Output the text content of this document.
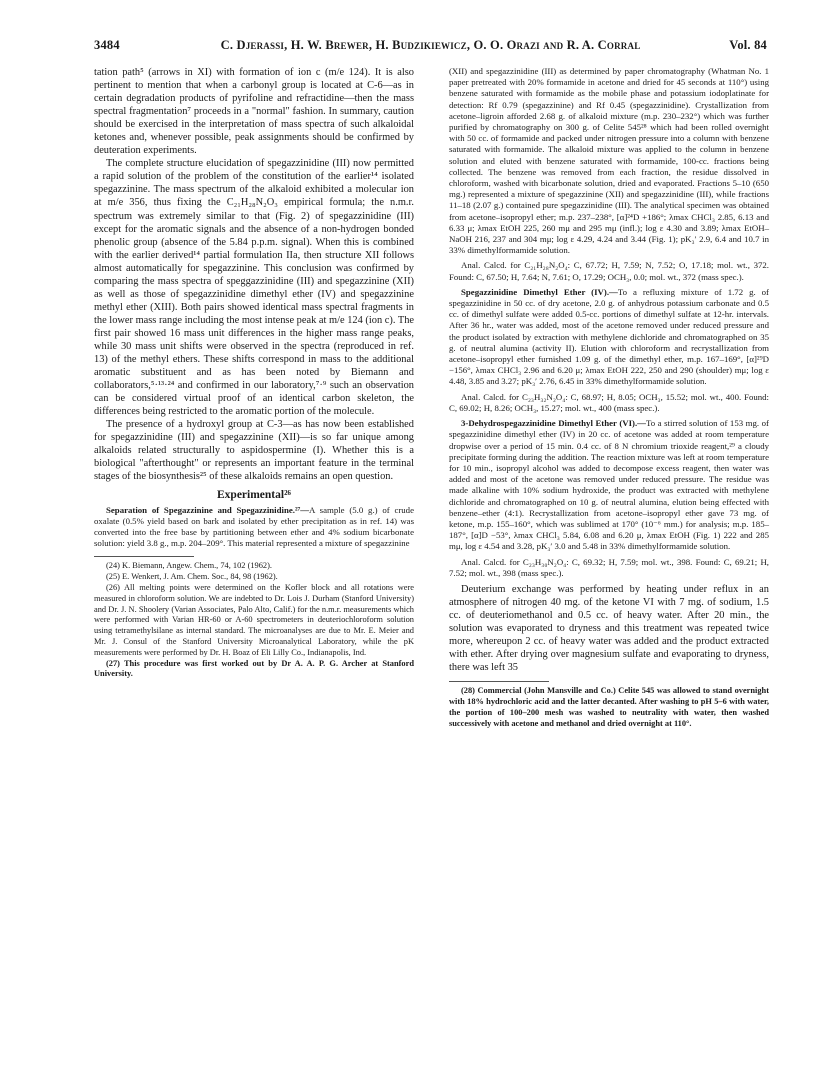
3484	C. Djerassi, H. W. Brewer, H. Budzikiewicz, O. O. Orazi and R. A. Corral	Vol. 84

tation path⁵ (arrows in XI) with formation of ion c (m/e 124). It is also pertinent to mention that when a carbonyl group is located at C-6—as in certain degradation products of pyrifoline and refractidine—then the mass spectral fragmentation⁷ proceeds in a "normal" fashion. In summary, caution should be exercised in the interpretation of mass spectra of such alkaloidal ketones and, whenever possible, peak assignments should be confirmed by deuteration experiments.

The complete structure elucidation of spegazzinidine (III) now permitted a rapid solution of the problem of the constitution of the earlier¹⁴ isolated spegazzinine. The mass spectrum of the alkaloid exhibited a molecular ion at m/e 356, thus fixing the C₂₁H₂₈N₂O₃ empirical formula; the n.m.r. spectrum was extremely similar to that (Fig. 2) of spegazzinidine (III) except for the aromatic signals and the absence of a non-hydrogen bonded phenolic group (absence of the 5.84 p.p.m. signal). When this is combined with the earlier derived¹⁴ partial formulation IIa, then structure XII follows almost automatically for spegazzinine. This conclusion was confirmed by comparing the mass spectra of speggazzinidine (III) and spegazzinine (XII) as well as those of spegazzinidine dimethyl ether (IV) and spegazzinine methyl ether (XIII). Both pairs showed identical mass spectral fragments in the lower mass range including the most intense peak at m/e 124 (ion c). The first pair showed 16 mass unit differences in the higher mass range peaks, while 30 mass unit shifts were observed in the spectra (reproduced in ref. 13) of the methyl ethers. These shifts correspond in mass to the additional aromatic substituent and as has been noted by Biemann and collaborators,⁵·¹³·²⁴ and confirmed in our laboratory,⁷·⁹ such an observation can be considered virtual proof of an identical carbon skeleton, the differences being restricted to the aromatic portion of the molecule.

The presence of a hydroxyl group at C-3—as has now been established for spegazzinidine (III) and spegazzinine (XII)—is so far unique among alkaloids related structurally to aspidospermine (I). Whether this is a biological "afterthought" or represents an important feature in the terminal stages of the biosynthesis²⁵ of these alkaloids remains an open question.

Experimental²⁶

Separation of Spegazzinine and Spegazzinidine.²⁷—A sample (5.0 g.) of crude oxalate (0.5% yield based on bark and isolated by ether precipitation as in ref. 14) was converted into the free base by partitioning between ether and 4% sodium bicarbonate solution: yield 3.8 g., m.p. 204–209°. This material represented a mixture of spegazzinine

(24) K. Biemann, Angew. Chem., 74, 102 (1962).

(25) E. Wenkert, J. Am. Chem. Soc., 84, 98 (1962).

(26) All melting points were determined on the Kofler block and all rotations were measured in chloroform solution. We are indebted to Dr. Lois J. Durham (Stanford University) and Dr. J. N. Shoolery (Varian Associates, Palo Alto, Calif.) for the n.m.r. measurements which were performed with Varian HR-60 or A-60 spectrometers in deuteriochloroform solution using tetramethylsilane as internal standard. The microanalyses are due to Mr. E. Meier and Mr. J. Consul of the Stanford University Microanalytical Laboratory, while the pK measurements were performed by Dr. H. Boaz of Eli Lilly Co., Indianapolis, Ind.

(27) This procedure was first worked out by Dr A. A. P. G. Archer at Stanford University.

(XII) and spegazzinidine (III) as determined by paper chromatography (Whatman No. 1 paper pretreated with 20% formamide in acetone and dried for 45 seconds at 110°) using benzene saturated with formamide as the mobile phase and potassium iodoplatinate for detection: Rf 0.79 (spegazzinine) and Rf 0.45 (spegazzinidine). Crystallization from acetone–ligroin afforded 2.68 g. of alkaloid mixture (m.p. 230–232°) which was further purified by chromatography on 300 g. of Celite 545²⁸ which had been rolled overnight with 50 cc. of formamide and packed under nitrogen pressure into a column with benzene saturated with formamide. The alkaloid mixture was applied to the column in benzene solution and eluted with benzene saturated with formamide, 100-cc. fractions being collected. The benzene was removed from each fraction, the residue dissolved in chloroform, washed with bicarbonate solution, dried and evaporated. Fractions 5–10 (650 mg.) represented a mixture of spegazzinine (XII) and spegazzinidine (III), while fractions 11–18 (2.07 g.) contained pure spegazzinidine (III). The analytical specimen was obtained from acetone–isopropyl ether; m.p. 237–238°, [α]²⁴D +186°; λmax CHCl₃ 2.85, 6.13 and 6.33 μ; λmax EtOH 225, 260 mμ and 295 mμ (infl.); log ε 4.30 and 3.89; λmax EtOH–NaOH 216, 237 and 304 mμ; log ε 4.29, 4.24 and 3.44 (Fig. 1); pK₃′ 2.9, 6.4 and 10.7 in 33% dimethylformamide solution.

Anal. Calcd. for C₂₁H₂₈N₂O₄: C, 67.72; H, 7.59; N, 7.52; O, 17.18; mol. wt., 372. Found: C, 67.50; H, 7.64; N, 7.61; O, 17.29; OCH₃, 0.0; mol. wt., 372 (mass spec.).

Spegazzinidine Dimethyl Ether (IV).—To a refluxing mixture of 1.72 g. of spegazzinidine in 50 cc. of dry acetone, 2.0 g. of anhydrous potassium carbonate and 0.5 cc. of dimethyl sulfate were added 0.5-cc. portions of dimethyl sulfate at 12-hr. intervals. After 36 hr., water was added, most of the acetone removed under reduced pressure and the product isolated by extraction with methylene dichloride and chromatographed on 35 g. of neutral alumina (activity II). Elution with chloroform and recrystallization from acetone–isopropyl ether furnished 1.09 g. of the dimethyl ether, m.p. 167–169°, [α]²⁹D −156°, λmax CHCl₃ 2.96 and 6.20 μ; λmax EtOH 222, 250 and 290 (shoulder) mμ; log ε 4.48, 3.85 and 3.27; pK₃′ 2.76, 6.45 in 33% dimethylformamide solution.

Anal. Calcd. for C₂₃H₃₂N₂O₄: C, 68.97; H, 8.05; OCH₃, 15.52; mol. wt., 400. Found: C, 69.02; H, 8.26; OCH₃, 15.27; mol. wt., 400 (mass spec.).

3-Dehydrospegazzinidine Dimethyl Ether (VI).—To a stirred solution of 153 mg. of spegazzinidine dimethyl ether (IV) in 20 cc. of acetone was added at room temperature dropwise over a period of 15 min. 0.4 cc. of 8 N chromium trioxide reagent,²⁹ a cloudy precipitate forming during the addition. The reaction mixture was left at room temperature for 10 min., isopropyl alcohol was added to decompose excess reagent, then water was added and most of the acetone was removed under reduced pressure. The residue was made alkaline with 10% sodium hydroxide, the product was extracted with methylene dichloride and chromatographed on 10 g. of neutral alumina, elution being effected with benzene–ether (4:1). Recrystallization from acetone–isopropyl ether gave 73 mg. of ketone, m.p. 155–160°, which was sublimed at 170° (10⁻⁶ mm.) for analysis; m.p. 185–187°, [α]D −53°, λmax CHCl₃ 5.84, 6.08 and 6.20 μ, λmax EtOH (Fig. 1) 222 and 285 mμ, log ε 4.54 and 3.28, pK₃′ 3.0 and 5.48 in 33% dimethylformamide solution.

Anal. Calcd. for C₂₃H₃₀N₂O₄: C, 69.32; H, 7.59; mol. wt., 398. Found: C, 69.21; H, 7.52; mol. wt., 398 (mass spec.).

Deuterium exchange was performed by heating under reflux in an atmosphere of nitrogen 40 mg. of the ketone VI with 7 mg. of sodium, 1.5 cc. of deuteriomethanol and 0.5 cc. of heavy water. After 20 min., the solution was evaporated to dryness and this treatment was repeated twice more, whereupon 2 cc. of heavy water was added and the product extracted with ether. After drying over magnesium sulfate and evaporating to dryness, there was left 35

(28) Commercial (John Mansville and Co.) Celite 545 was allowed to stand overnight with 18% hydrochloric acid and the latter decanted. After washing to pH 5–6 with water, the portion of 100–200 mesh was washed to neutrality with water, then washed successively with acetone and methanol and dried overnight at 110°.
